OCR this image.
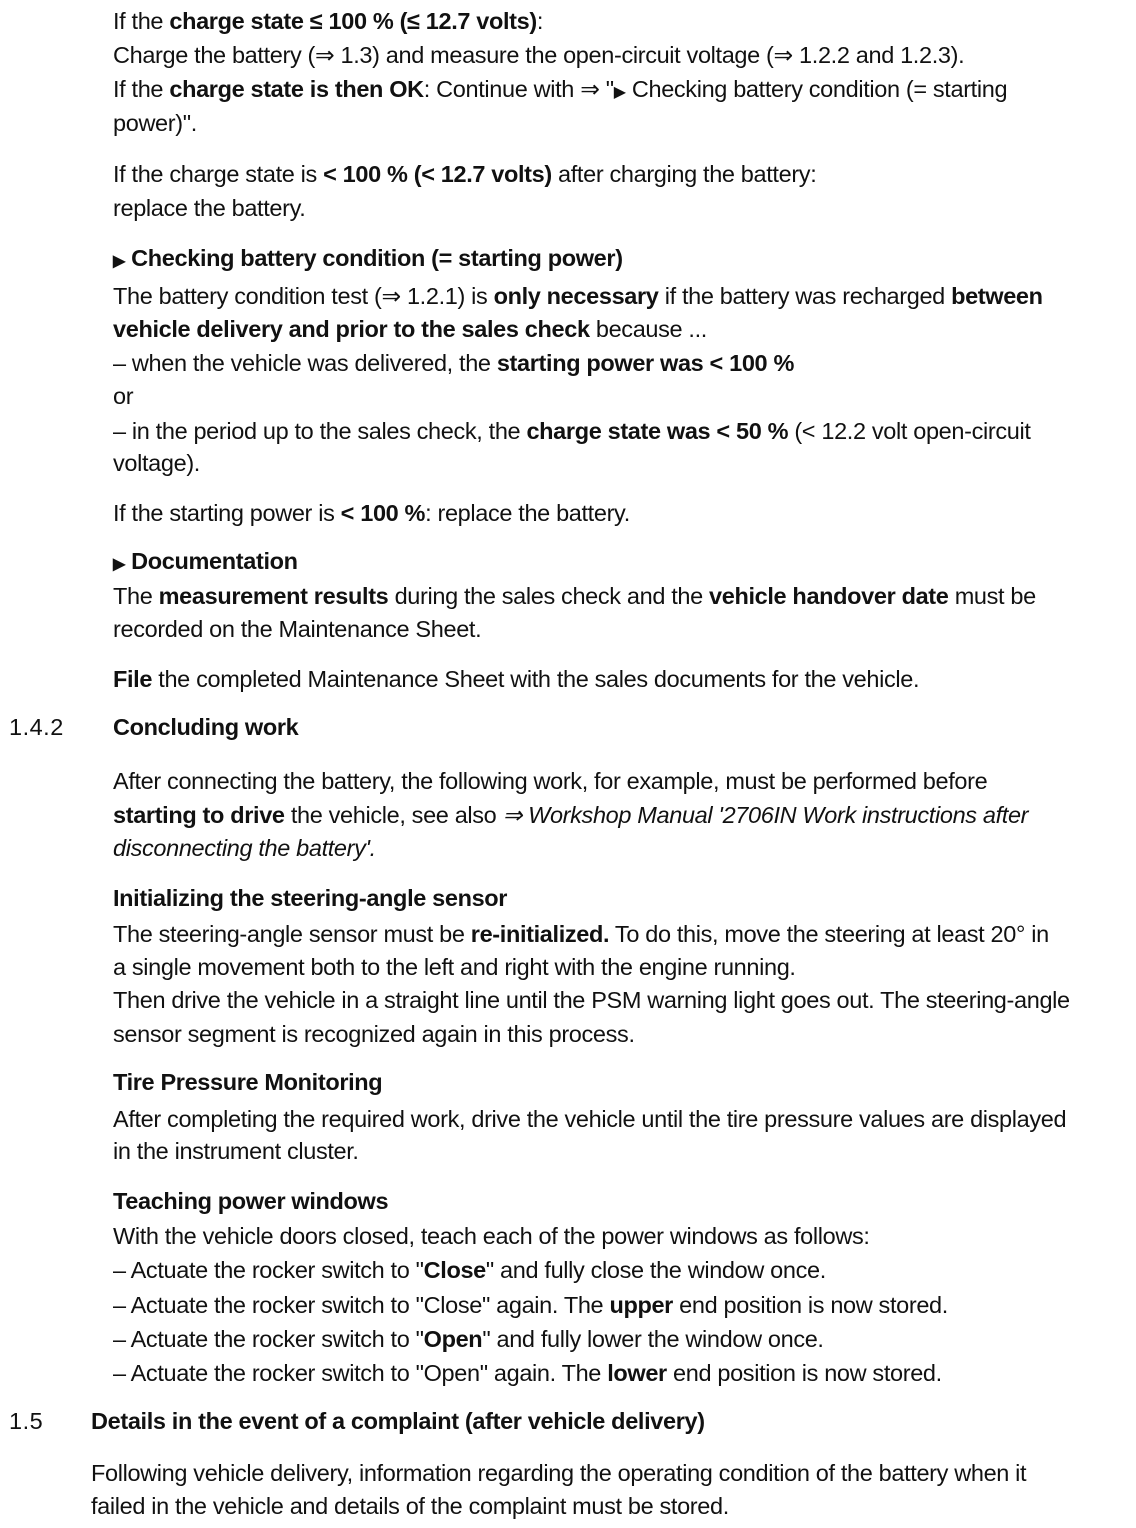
If the charge state ≤ 100 % (≤ 12.7 volts):
Charge the battery (⇒ 1.3) and measure the open-circuit voltage (⇒ 1.2.2 and 1.2.3).
If the charge state is then OK: Continue with ⇒ "▶ Checking battery condition (= starting
power)".
If the charge state is < 100 % (< 12.7 volts) after charging the battery:
replace the battery.
▶ Checking battery condition (= starting power)
The battery condition test (⇒ 1.2.1) is only necessary if the battery was recharged between
vehicle delivery and prior to the sales check because ...
– when the vehicle was delivered, the starting power was < 100 %
or
– in the period up to the sales check, the charge state was < 50 % (< 12.2 volt open-circuit
voltage).
If the starting power is < 100 %: replace the battery.
▶ Documentation
The measurement results during the sales check and the vehicle handover date must be
recorded on the Maintenance Sheet.
File the completed Maintenance Sheet with the sales documents for the vehicle.
1.4.2 Concluding work
After connecting the battery, the following work, for example, must be performed before
starting to drive the vehicle, see also ⇒ Workshop Manual '2706IN Work instructions after
disconnecting the battery'.
Initializing the steering-angle sensor
The steering-angle sensor must be re-initialized. To do this, move the steering at least 20° in
a single movement both to the left and right with the engine running.
Then drive the vehicle in a straight line until the PSM warning light goes out. The steering-angle
sensor segment is recognized again in this process.
Tire Pressure Monitoring
After completing the required work, drive the vehicle until the tire pressure values are displayed
in the instrument cluster.
Teaching power windows
With the vehicle doors closed, teach each of the power windows as follows:
– Actuate the rocker switch to "Close" and fully close the window once.
– Actuate the rocker switch to "Close" again. The upper end position is now stored.
– Actuate the rocker switch to "Open" and fully lower the window once.
– Actuate the rocker switch to "Open" again. The lower end position is now stored.
1.5 Details in the event of a complaint (after vehicle delivery)
Following vehicle delivery, information regarding the operating condition of the battery when it
failed in the vehicle and details of the complaint must be stored.
